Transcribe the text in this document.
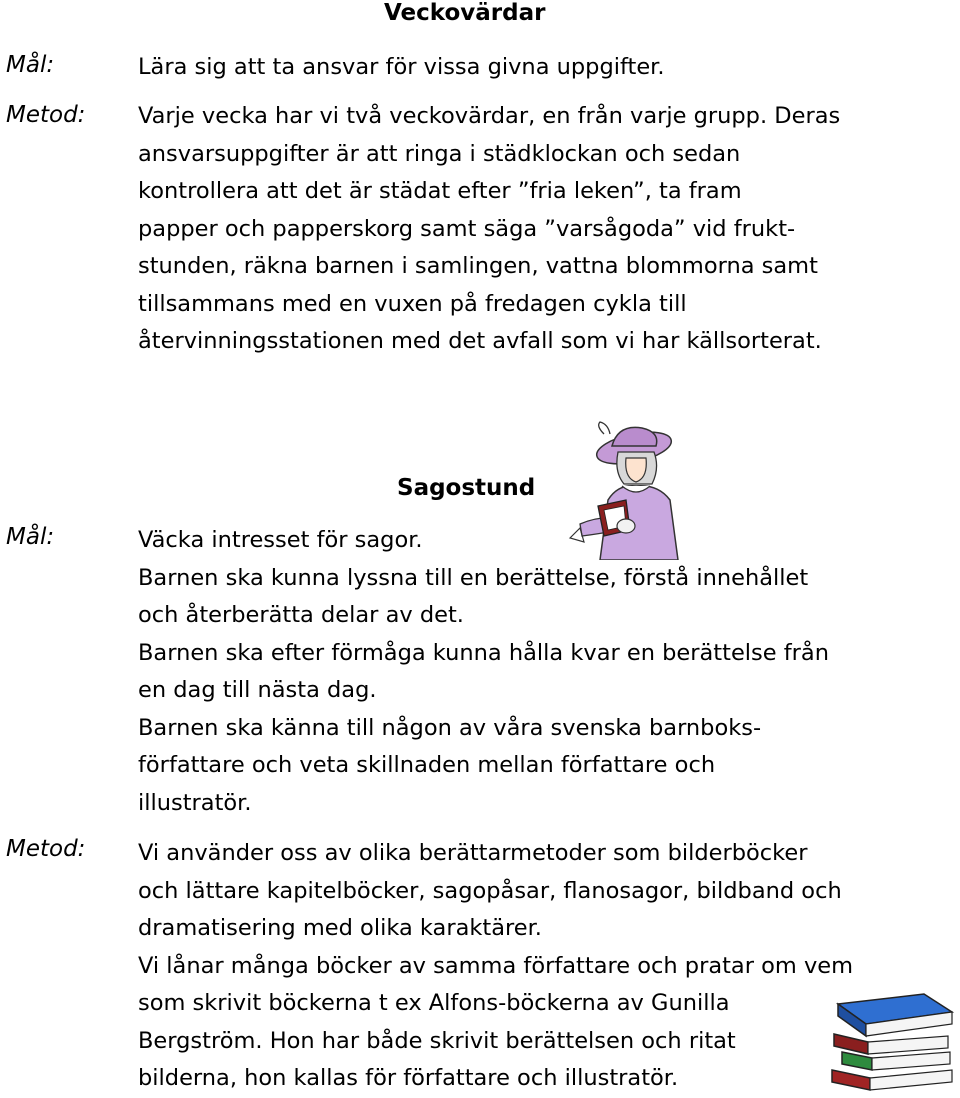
Veckovärdar
Mål:	Lära sig att ta ansvar för vissa givna uppgifter.

Metod: Varje vecka har vi två veckovärdar, en från varje grupp. Deras

ansvarsuppgifter är att ringa i städklockan och sedan

kontrollera att det är städat efter ”fria leken”, ta fram

papper och papperskorg samt säga ”varsågoda” vid frukt-

stunden, räkna barnen i samlingen, vattna blommorna samt

tillsammans med en vuxen på fredagen cykla till

återvinningsstationen med det avfall som vi har källsorterat.

Sagostund
Mål:	Väcka intresset för sagor.

Barnen ska kunna lyssna till en berättelse, förstå innehållet

och återberätta delar av det.

Barnen ska efter förmåga kunna hålla kvar en berättelse från

en dag till nästa dag.

Barnen ska känna till någon av våra svenska barnboks-

författare och veta skillnaden mellan författare och

illustratör.

Metod: Vi använder oss av olika berättarmetoder som bilderböcker

och lättare kapitelböcker, sagopåsar, flanosagor, bildband och

dramatisering med olika karaktärer.

Vi lånar många böcker av samma författare och pratar om vem

som skrivit böckerna t ex Alfons-böckerna av Gunilla

Bergström. Hon har både skrivit berättelsen och ritat

bilderna, hon kallas för författare och illustratör.
